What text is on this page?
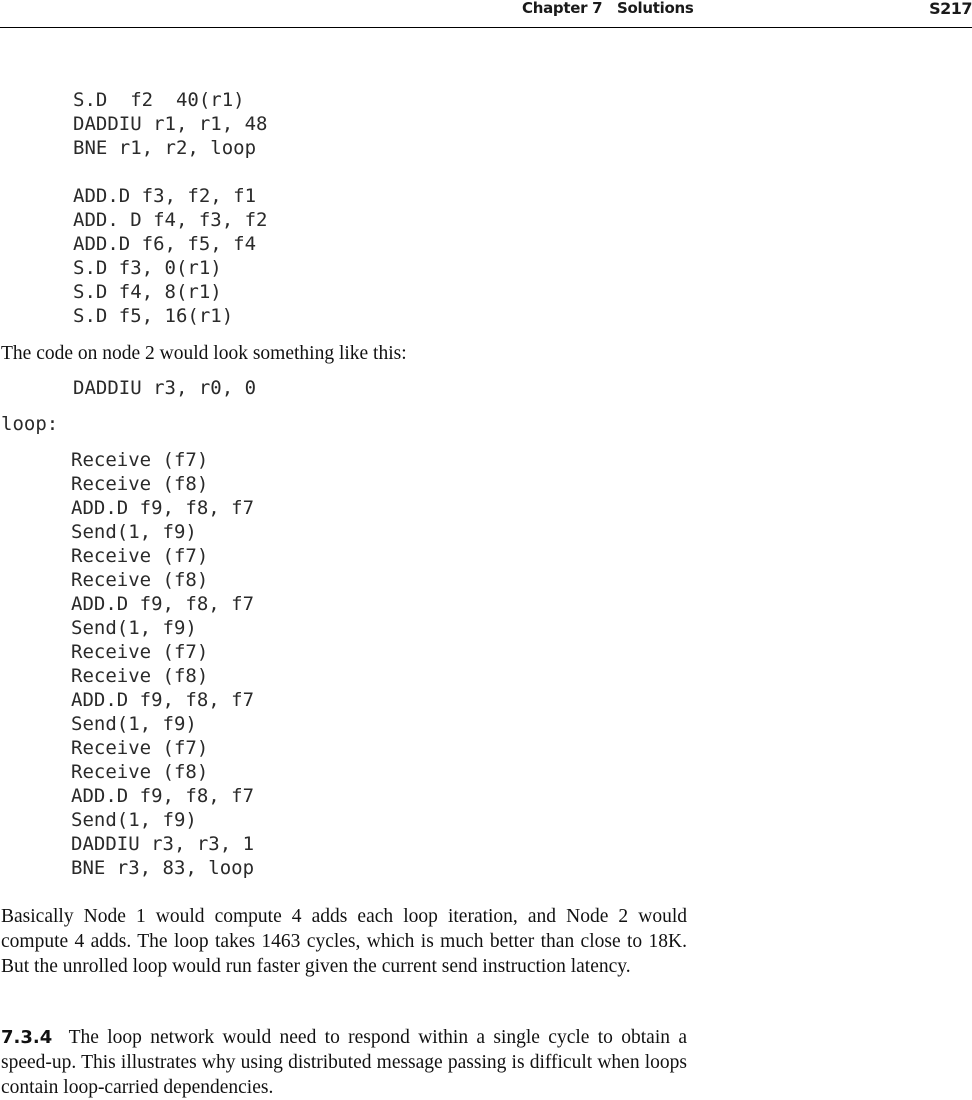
Chapter 7   Solutions	S217
S.D  f2  40(r1)
DADDIU r1, r1, 48
BNE r1, r2, loop
ADD.D f3, f2, f1
ADD. D f4, f3, f2
ADD.D f6, f5, f4
S.D f3, 0(r1)
S.D f4, 8(r1)
S.D f5, 16(r1)
The code on node 2 would look something like this:
DADDIU r3, r0, 0
loop:
Receive (f7)
Receive (f8)
ADD.D f9, f8, f7
Send(1, f9)
Receive (f7)
Receive (f8)
ADD.D f9, f8, f7
Send(1, f9)
Receive (f7)
Receive (f8)
ADD.D f9, f8, f7
Send(1, f9)
Receive (f7)
Receive (f8)
ADD.D f9, f8, f7
Send(1, f9)
DADDIU r3, r3, 1
BNE r3, 83, loop
Basically Node 1 would compute 4 adds each loop iteration, and Node 2 would compute 4 adds. The loop takes 1463 cycles, which is much better than close to 18K. But the unrolled loop would run faster given the current send instruction latency.
7.3.4 The loop network would need to respond within a single cycle to obtain a speed-up. This illustrates why using distributed message passing is difficult when loops contain loop-carried dependencies.
